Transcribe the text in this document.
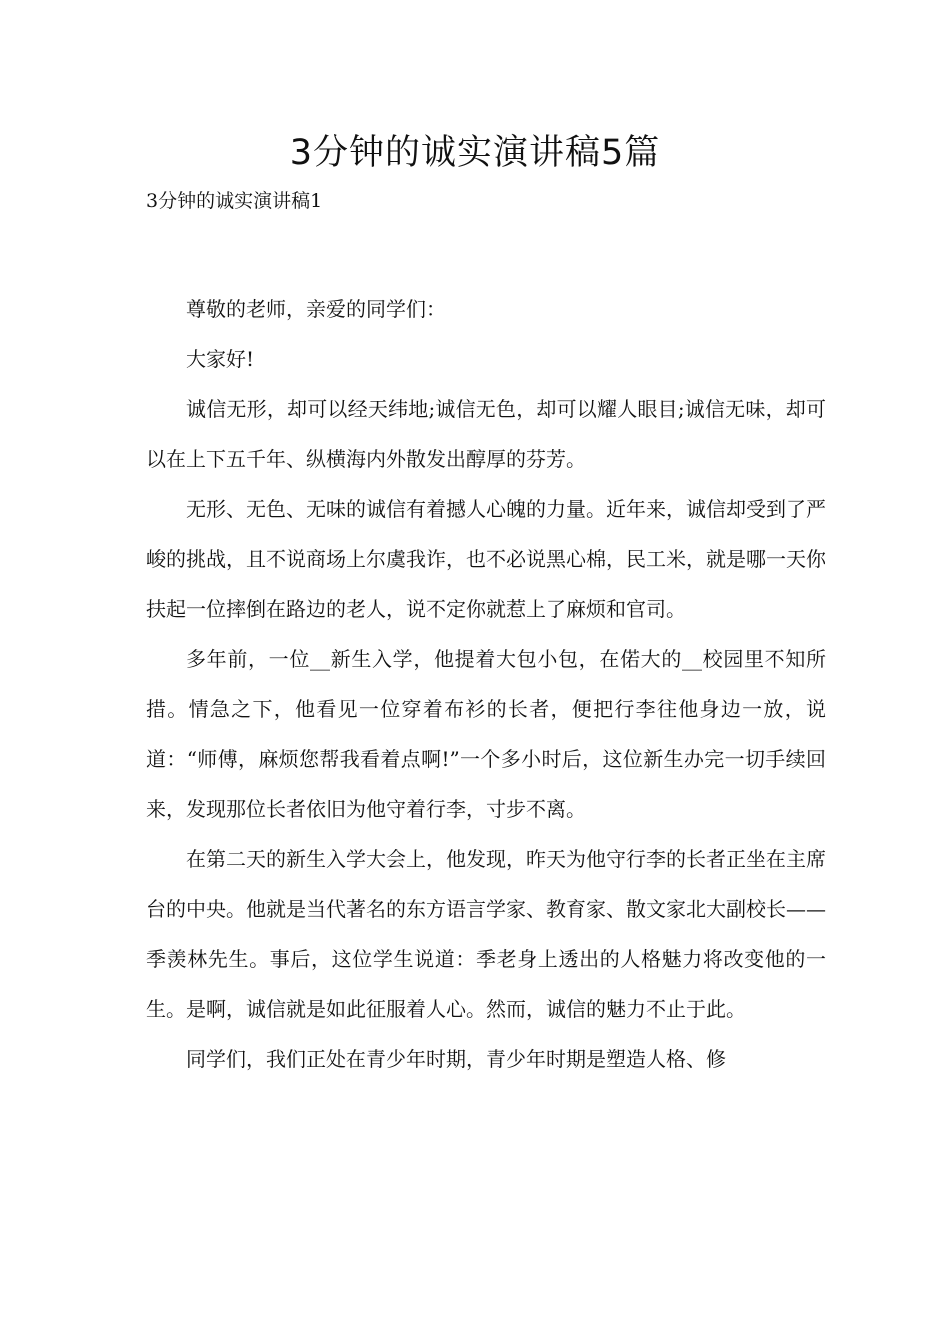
3分钟的诚实演讲稿5篇
3分钟的诚实演讲稿1

尊敬的老师，亲爱的同学们：

大家好!

诚信无形，却可以经天纬地;诚信无色，却可以耀人眼目;诚信无味，却可以在上下五千年、纵横海内外散发出醇厚的芬芳。

无形、无色、无味的诚信有着撼人心魄的力量。近年来，诚信却受到了严峻的挑战，且不说商场上尔虞我诈，也不必说黑心棉，民工米，就是哪一天你扶起一位摔倒在路边的老人，说不定你就惹上了麻烦和官司。

多年前，一位__新生入学，他提着大包小包，在偌大的__校园里不知所措。情急之下，他看见一位穿着布衫的长者，便把行李往他身边一放，说道：“师傅，麻烦您帮我看着点啊!”一个多小时后，这位新生办完一切手续回来，发现那位长者依旧为他守着行李，寸步不离。

在第二天的新生入学大会上，他发现，昨天为他守行李的长者正坐在主席台的中央。他就是当代著名的东方语言学家、教育家、散文家北大副校长——季羡林先生。事后，这位学生说道：季老身上透出的人格魅力将改变他的一生。是啊，诚信就是如此征服着人心。然而，诚信的魅力不止于此。

同学们，我们正处在青少年时期，青少年时期是塑造人格、修
